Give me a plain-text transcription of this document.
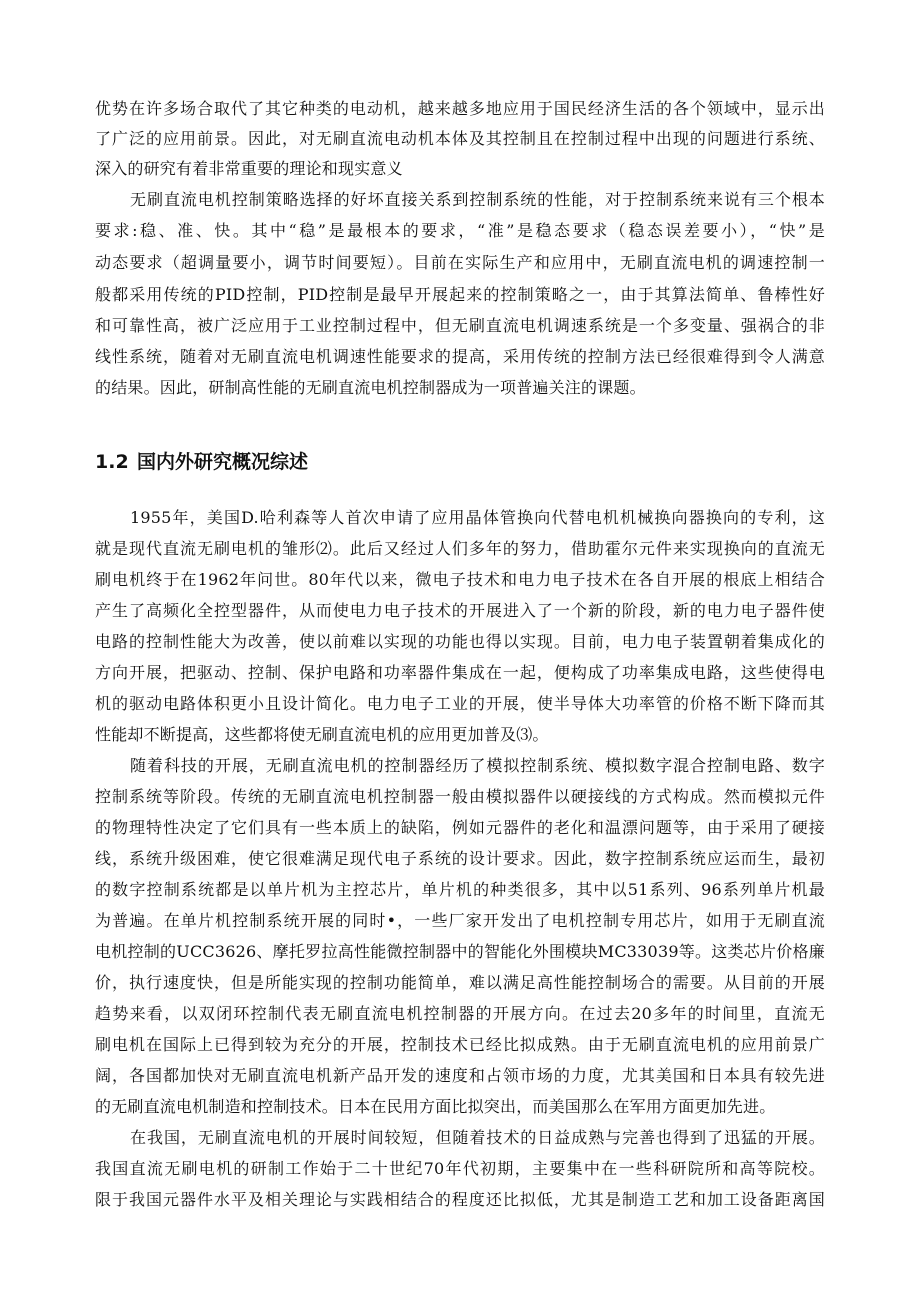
优势在许多场合取代了其它种类的电动机，越来越多地应用于国民经济生活的各个领域中，显示出
了广泛的应用前景。因此，对无刷直流电动机本体及其控制且在控制过程中出现的问题进行系统、
深入的研究有着非常重要的理论和现实意义
无刷直流电机控制策略选择的好坏直接关系到控制系统的性能，对于控制系统来说有三个根本
要求:稳、准、快。其中“稳”是最根本的要求，“准”是稳态要求（稳态误差要小），“快”是
动态要求（超调量要小，调节时间要短）。目前在实际生产和应用中，无刷直流电机的调速控制一
般都采用传统的PID控制，PID控制是最早开展起来的控制策略之一，由于其算法简单、鲁棒性好
和可靠性高，被广泛应用于工业控制过程中，但无刷直流电机调速系统是一个多变量、强祸合的非
线性系统，随着对无刷直流电机调速性能要求的提高，采用传统的控制方法已经很难得到令人满意
的结果。因此，研制高性能的无刷直流电机控制器成为一项普遍关注的课题。
1.2 国内外研究概况综述
1955年，美国D.哈利森等人首次申请了应用晶体管换向代替电机机械换向器换向的专利，这
就是现代直流无刷电机的雏形⑵。此后又经过人们多年的努力，借助霍尔元件来实现换向的直流无
刷电机终于在1962年问世。80年代以来，微电子技术和电力电子技术在各自开展的根底上相结合
产生了高频化全控型器件，从而使电力电子技术的开展进入了一个新的阶段，新的电力电子器件使
电路的控制性能大为改善，使以前难以实现的功能也得以实现。目前，电力电子装置朝着集成化的
方向开展，把驱动、控制、保护电路和功率器件集成在一起，便构成了功率集成电路，这些使得电
机的驱动电路体积更小且设计简化。电力电子工业的开展，使半导体大功率管的价格不断下降而其
性能却不断提高，这些都将使无刷直流电机的应用更加普及⑶。
随着科技的开展，无刷直流电机的控制器经历了模拟控制系统、模拟数字混合控制电路、数字
控制系统等阶段。传统的无刷直流电机控制器一般由模拟器件以硬接线的方式构成。然而模拟元件
的物理特性决定了它们具有一些本质上的缺陷，例如元器件的老化和温漂问题等，由于采用了硬接
线，系统升级困难，使它很难满足现代电子系统的设计要求。因此，数字控制系统应运而生，最初
的数字控制系统都是以单片机为主控芯片，单片机的种类很多，其中以51系列、96系列单片机最
为普遍。在单片机控制系统开展的同时•，一些厂家开发出了电机控制专用芯片，如用于无刷直流
电机控制的UCC3626、摩托罗拉高性能微控制器中的智能化外围模块MC33039等。这类芯片价格廉
价，执行速度快，但是所能实现的控制功能简单，难以满足高性能控制场合的需要。从目前的开展
趋势来看，以双闭环控制代表无刷直流电机控制器的开展方向。在过去20多年的时间里，直流无
刷电机在国际上已得到较为充分的开展，控制技术已经比拟成熟。由于无刷直流电机的应用前景广
阔，各国都加快对无刷直流电机新产品开发的速度和占领市场的力度，尤其美国和日本具有较先进
的无刷直流电机制造和控制技术。日本在民用方面比拟突出，而美国那么在军用方面更加先进。
在我国，无刷直流电机的开展时间较短，但随着技术的日益成熟与完善也得到了迅猛的开展。
我国直流无刷电机的研制工作始于二十世纪70年代初期，主要集中在一些科研院所和高等院校。
限于我国元器件水平及相关理论与实践相结合的程度还比拟低，尤其是制造工艺和加工设备距离国
